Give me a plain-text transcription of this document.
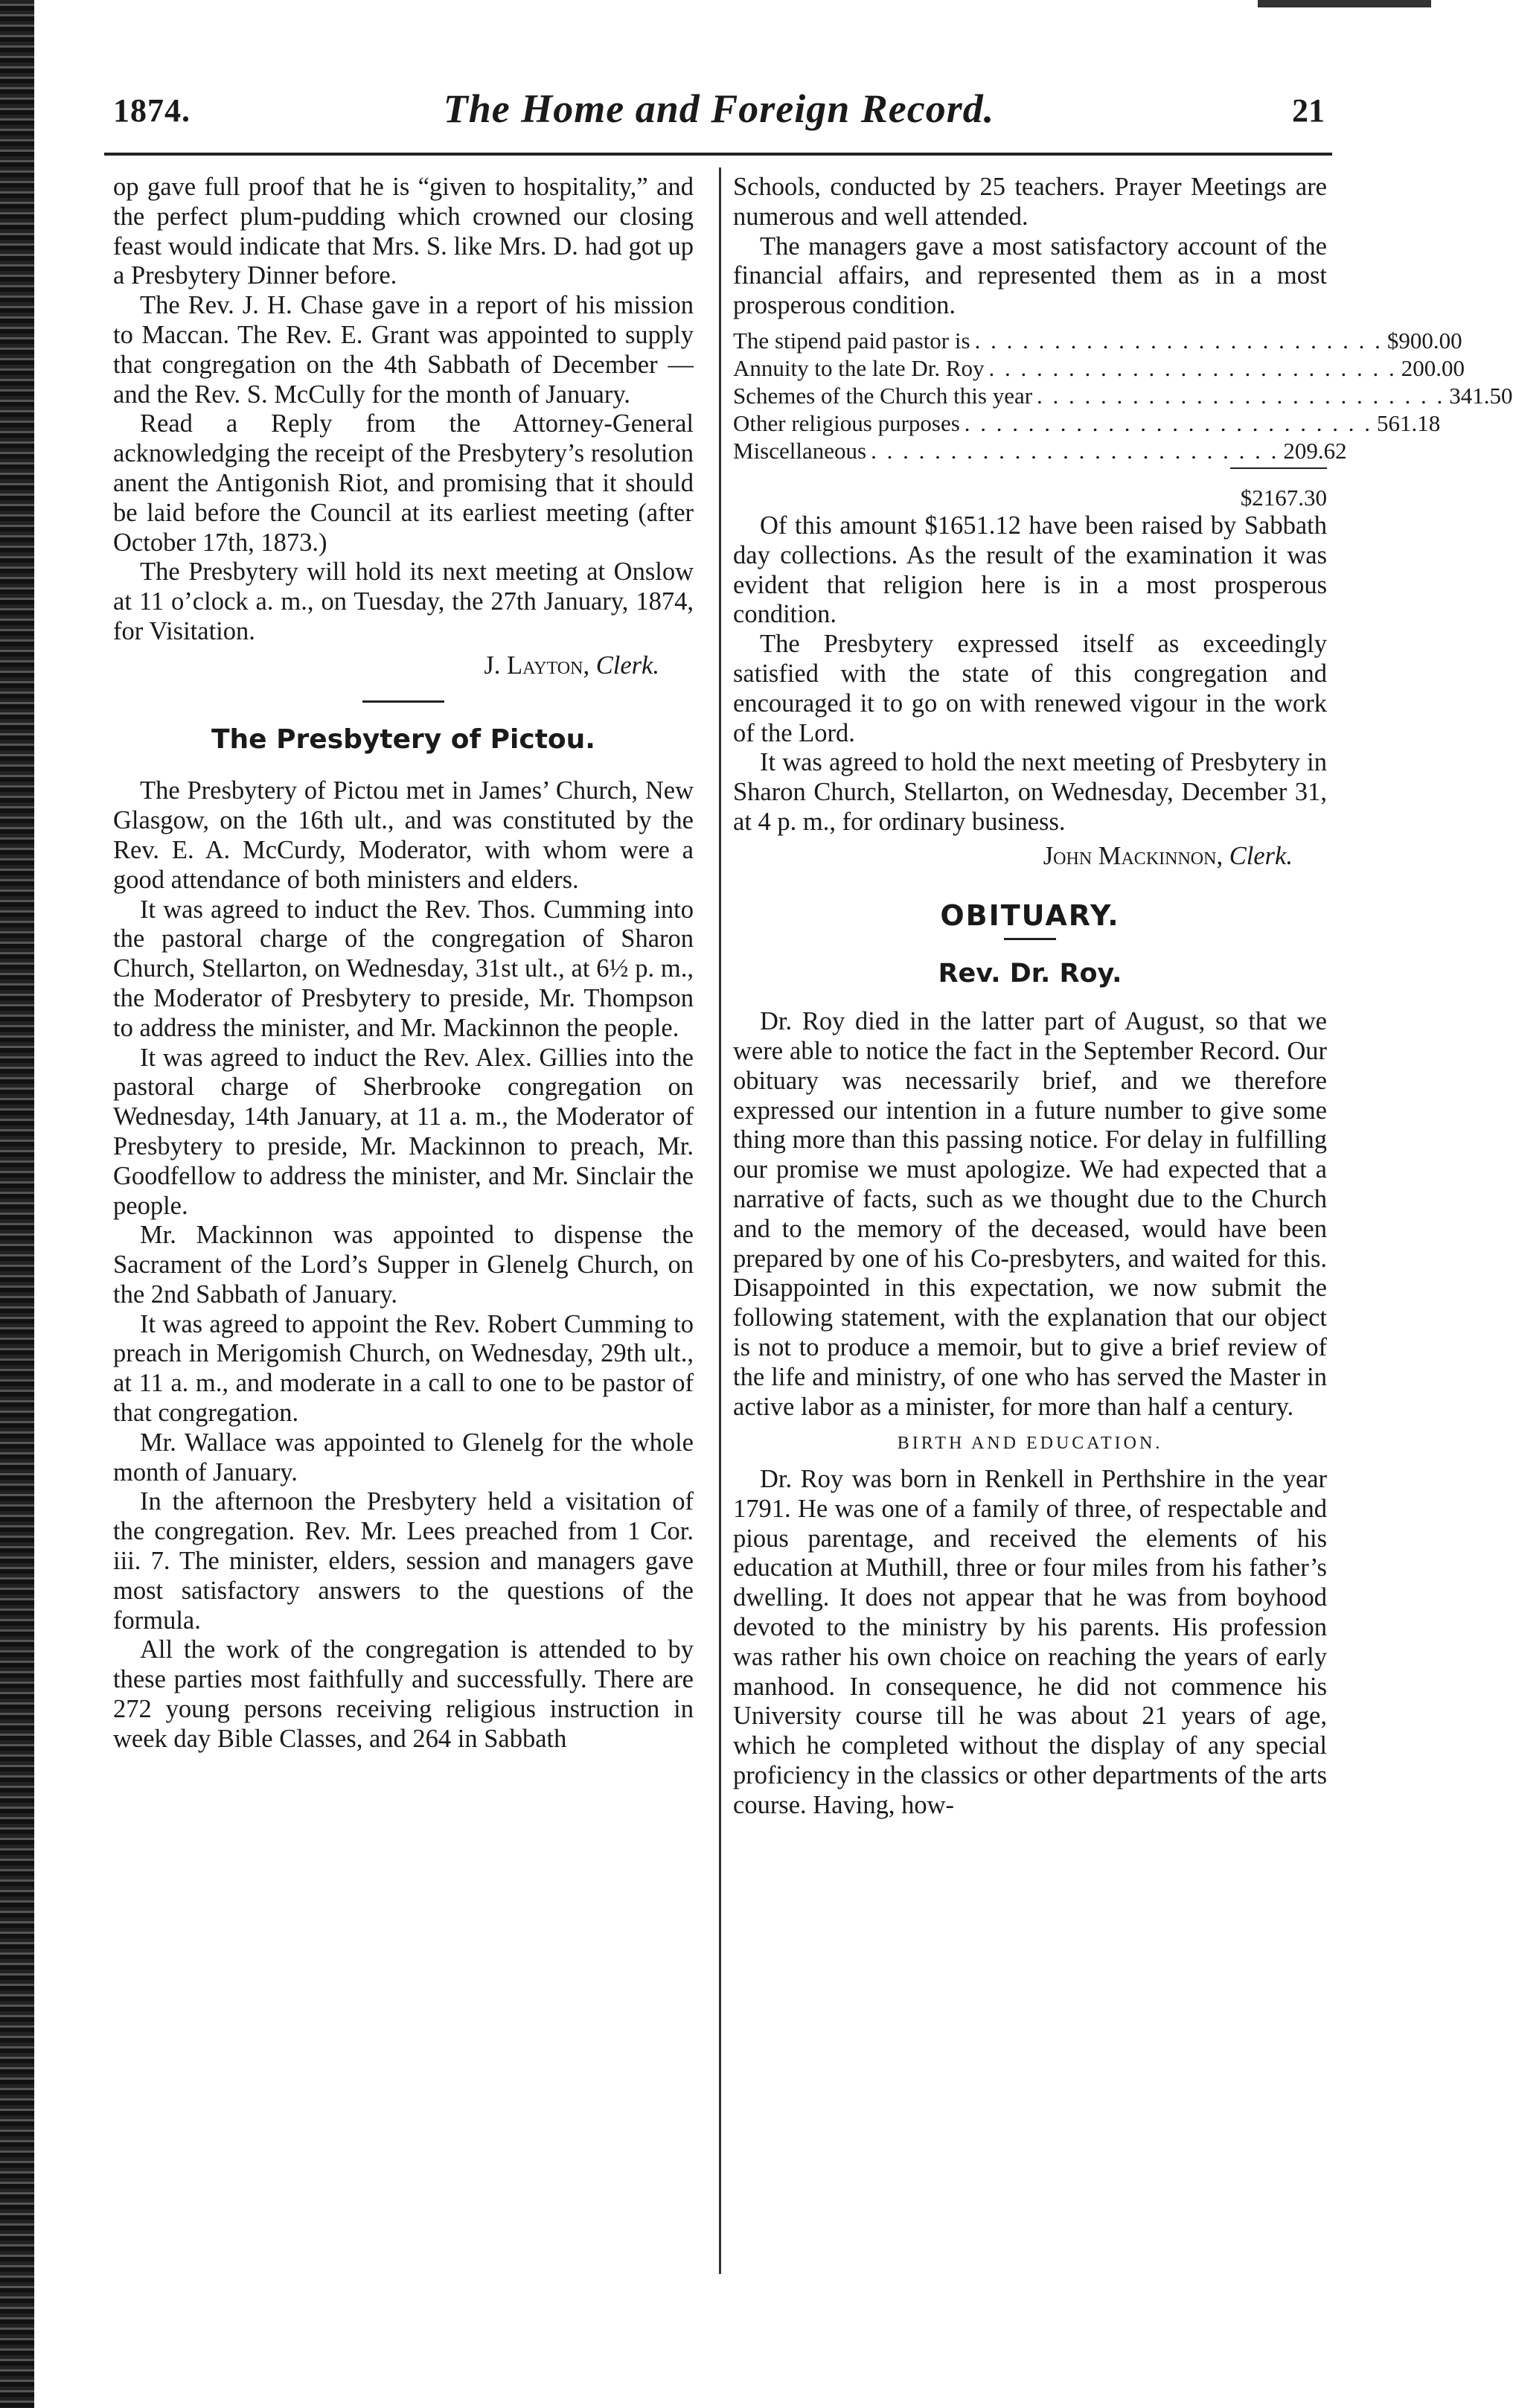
1874.	The Home and Foreign Record.	21

op gave full proof that he is “given to hospitality,” and the perfect plum-pudding which crowned our closing feast would indicate that Mrs. S. like Mrs. D. had got up a Presbytery Dinner before.

The Rev. J. H. Chase gave in a report of his mission to Maccan. The Rev. E. Grant was appointed to supply that congregation on the 4th Sabbath of December —and the Rev. S. McCully for the month of January.

Read a Reply from the Attorney-General acknowledging the receipt of the Presbytery’s resolution anent the Antigonish Riot, and promising that it should be laid before the Council at its earliest meeting (after October 17th, 1873.)

The Presbytery will hold its next meeting at Onslow at 11 o’clock a. m., on Tuesday, the 27th January, 1874, for Visitation.

J. Layton, Clerk.
The Presbytery of Pictou.

The Presbytery of Pictou met in James’ Church, New Glasgow, on the 16th ult., and was constituted by the Rev. E. A. McCurdy, Moderator, with whom were a good attendance of both ministers and elders.

It was agreed to induct the Rev. Thos. Cumming into the pastoral charge of the congregation of Sharon Church, Stellarton, on Wednesday, 31st ult., at 6½ p. m., the Moderator of Presbytery to preside, Mr. Thompson to address the minister, and Mr. Mackinnon the people.

It was agreed to induct the Rev. Alex. Gillies into the pastoral charge of Sherbrooke congregation on Wednesday, 14th January, at 11 a. m., the Moderator of Presbytery to preside, Mr. Mackinnon to preach, Mr. Goodfellow to address the minister, and Mr. Sinclair the people.

Mr. Mackinnon was appointed to dispense the Sacrament of the Lord’s Supper in Glenelg Church, on the 2nd Sabbath of January.

It was agreed to appoint the Rev. Robert Cumming to preach in Merigomish Church, on Wednesday, 29th ult., at 11 a. m., and moderate in a call to one to be pastor of that congregation.

Mr. Wallace was appointed to Glenelg for the whole month of January.

In the afternoon the Presbytery held a visitation of the congregation. Rev. Mr. Lees preached from 1 Cor. iii. 7. The minister, elders, session and managers gave most satisfactory answers to the questions of the formula.

All the work of the congregation is attended to by these parties most faithfully and successfully. There are 272 young persons receiving religious instruction in week day Bible Classes, and 264 in Sabbath

Schools, conducted by 25 teachers. Prayer Meetings are numerous and well attended.

The managers gave a most satisfactory account of the financial affairs, and represented them as in a most prosperous condition.

The stipend paid pastor is . . . . . . . . . . . . . . . . . . . . . . . . . . $900.00
Annuity to the late Dr. Roy . . . . . . . . . . . . . . . . . . . . . . . . . . 200.00
Schemes of the Church this year . . . . . . . . . . . . . . . . . . . . . . . . . . 341.50
Other religious purposes . . . . . . . . . . . . . . . . . . . . . . . . . . 561.18
Miscellaneous . . . . . . . . . . . . . . . . . . . . . . . . . . 209.62
$2167.30

Of this amount $1651.12 have been raised by Sabbath day collections. As the result of the examination it was evident that religion here is in a most prosperous condition.

The Presbytery expressed itself as exceedingly satisfied with the state of this congregation and encouraged it to go on with renewed vigour in the work of the Lord.

It was agreed to hold the next meeting of Presbytery in Sharon Church, Stellarton, on Wednesday, December 31, at 4 p. m., for ordinary business.

John Mackinnon, Clerk.
OBITUARY.
Rev. Dr. Roy.

Dr. Roy died in the latter part of August, so that we were able to notice the fact in the September Record. Our obituary was necessarily brief, and we therefore expressed our intention in a future number to give some thing more than this passing notice. For delay in fulfilling our promise we must apologize. We had expected that a narrative of facts, such as we thought due to the Church and to the memory of the deceased, would have been prepared by one of his Co-presbyters, and waited for this. Disappointed in this expectation, we now submit the following statement, with the explanation that our object is not to produce a memoir, but to give a brief review of the life and ministry, of one who has served the Master in active labor as a minister, for more than half a century.

BIRTH AND EDUCATION.

Dr. Roy was born in Renkell in Perthshire in the year 1791. He was one of a family of three, of respectable and pious parentage, and received the elements of his education at Muthill, three or four miles from his father’s dwelling. It does not appear that he was from boyhood devoted to the ministry by his parents. His profession was rather his own choice on reaching the years of early manhood. In consequence, he did not commence his University course till he was about 21 years of age, which he completed without the display of any special proficiency in the classics or other departments of the arts course. Having, how-
